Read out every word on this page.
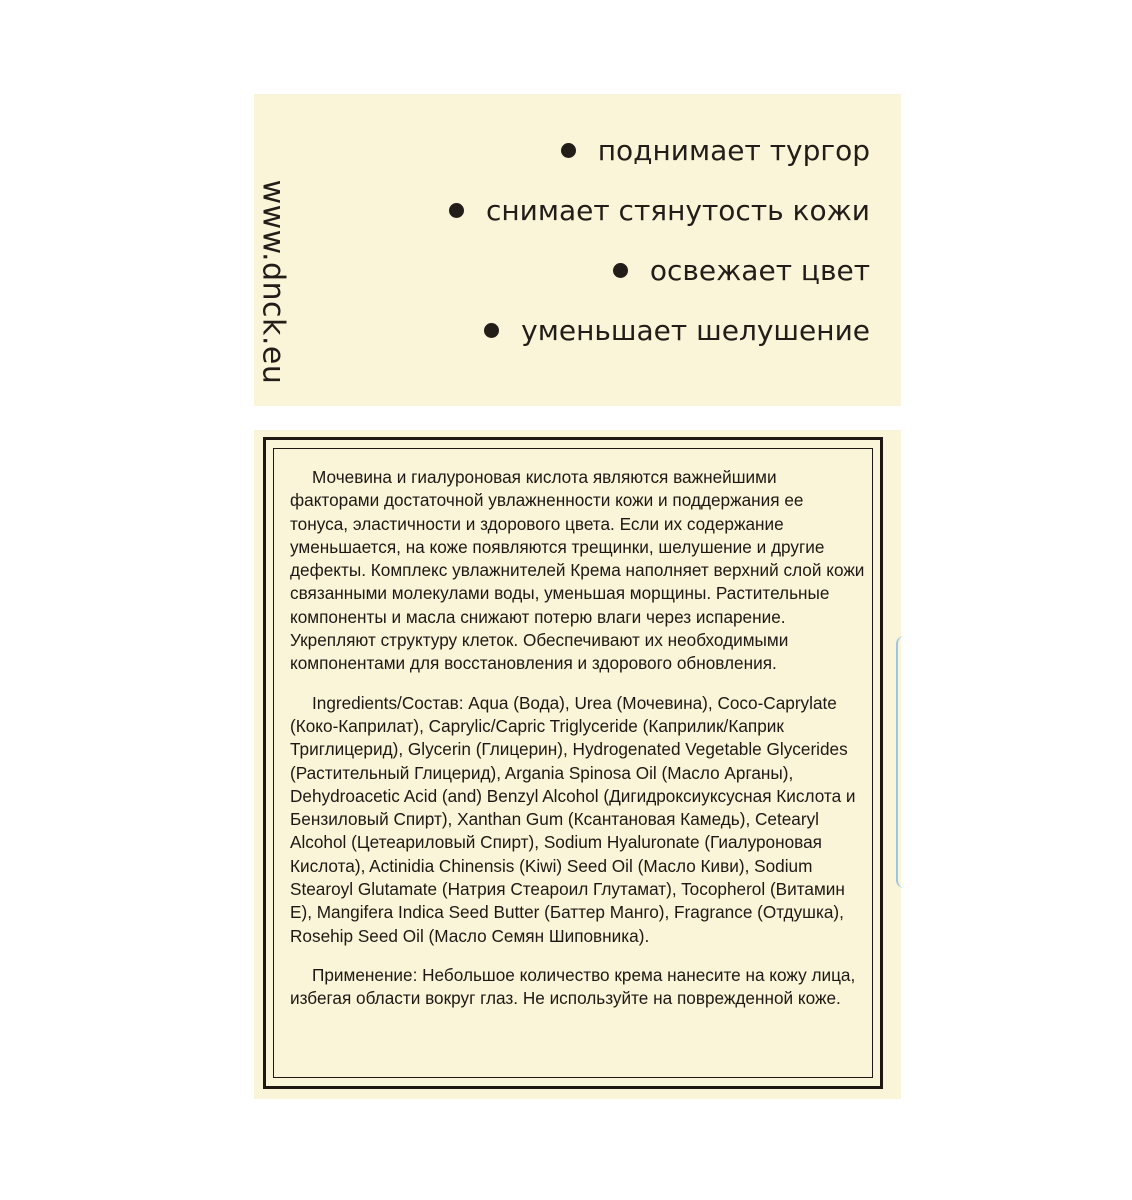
www.dnck.eu
поднимает тургор
снимает стянутость кожи
освежает цвет
уменьшает шелушение

Мочевина и гиалуроновая кислота являются важнейшими факторами достаточной увлажненности кожи и поддержания ее тонуса, эластичности и здорового цвета. Если их содержание уменьшается, на коже появляются трещинки, шелушение и другие дефекты. Комплекс увлажнителей Крема наполняет верхний слой кожи связанными молекулами воды, уменьшая морщины. Растительные компоненты и масла снижают потерю влаги через испарение. Укрепляют структуру клеток. Обеспечивают их необходимыми компонентами для восстановления и здорового обновления.

Ingredients/Состав: Aqua (Вода), Urea (Мочевина), Coco-Caprylate (Коко-Каприлат), Caprylic/Capric Triglyceride (Каприлик/Каприк Триглицерид), Glycerin (Глицерин), Hydrogenated Vegetable Glycerides (Растительный Глицерид), Argania Spinosa Oil (Масло Арганы), Dehydroacetic Acid (and) Benzyl Alcohol (Дигидроксиуксусная Кислота и Бензиловый Спирт), Xanthan Gum (Ксантановая Камедь), Cetearyl Alcohol (Цетеариловый Спирт), Sodium Hyaluronate (Гиалуроновая Кислота), Actinidia Chinensis (Kiwi) Seed Oil (Масло Киви), Sodium Stearoyl Glutamate (Натрия Стеароил Глутамат), Tocopherol (Витамин Е), Mangifera Indica Seed Butter (Баттер Манго), Fragrance (Отдушка), Rosehip Seed Oil (Масло Семян Шиповника).

Применение: Небольшое количество крема нанесите на кожу лица, избегая области вокруг глаз. Не используйте на поврежденной коже.
